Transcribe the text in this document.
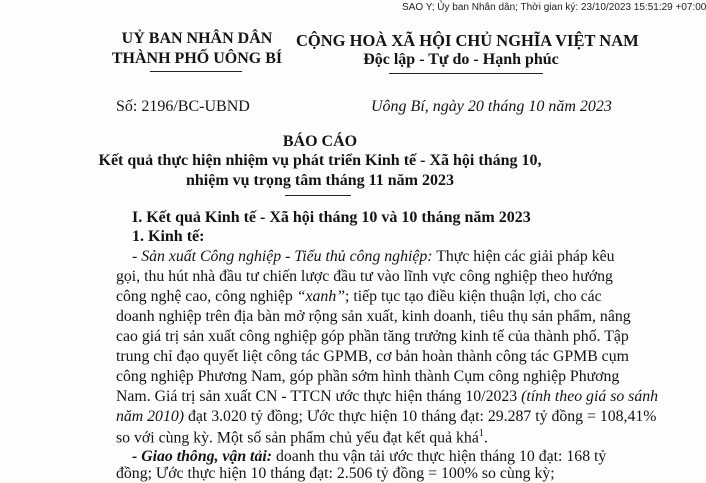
SAO Y; Ủy ban Nhân dân; Thời gian ký: 23/10/2023 15:51:29 +07:00
UỶ BAN NHÂN DÂN
THÀNH PHỐ UÔNG BÍ
CỘNG HOÀ XÃ HỘI CHỦ NGHĨA VIỆT NAM
Độc lập - Tự do - Hạnh phúc
Số: 2196/BC-UBND	Uông Bí, ngày 20 tháng 10 năm 2023
BÁO CÁO
Kết quả thực hiện nhiệm vụ phát triển Kinh tế - Xã hội tháng 10,
nhiệm vụ trọng tâm tháng 11 năm 2023
I. Kết quả Kinh tế - Xã hội tháng 10 và 10 tháng năm 2023
1. Kinh tế:
- Sản xuất Công nghiệp - Tiểu thủ công nghiệp: Thực hiện các giải pháp kêu
gọi, thu hút nhà đầu tư chiến lược đầu tư vào lĩnh vực công nghiệp theo hướng
công nghệ cao, công nghiệp “xanh”; tiếp tục tạo điều kiện thuận lợi, cho các
doanh nghiệp trên địa bàn mở rộng sản xuất, kinh doanh, tiêu thụ sản phẩm, nâng
cao giá trị sản xuất công nghiệp góp phần tăng trưởng kinh tế của thành phố. Tập
trung chỉ đạo quyết liệt công tác GPMB, cơ bản hoàn thành công tác GPMB cụm
công nghiệp Phương Nam, góp phần sớm hình thành Cụm công nghiệp Phương
Nam. Giá trị sản xuất CN - TTCN ước thực hiện tháng 10/2023 (tính theo giá so sánh
năm 2010) đạt 3.020 tỷ đồng; Ước thực hiện 10 tháng đạt: 29.287 tỷ đồng = 108,41%
so với cùng kỳ. Một số sản phẩm chủ yếu đạt kết quả khá$^1$.
- Giao thông, vận tải: doanh thu vận tải ước thực hiện tháng 10 đạt: 168 tỷ
đồng; Ước thực hiện 10 tháng đạt: 2.506 tỷ đồng = 100% so cùng kỳ;
